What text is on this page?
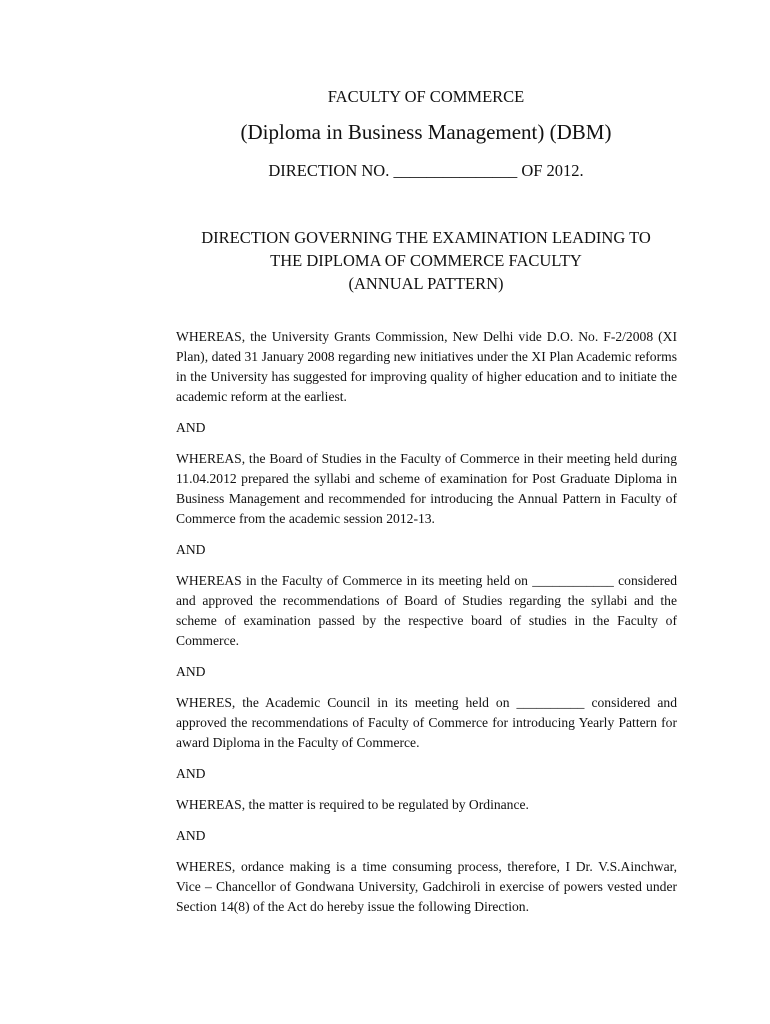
FACULTY OF COMMERCE
(Diploma in Business Management) (DBM)
DIRECTION NO. _______________ OF 2012.
DIRECTION GOVERNING THE EXAMINATION LEADING TO
THE DIPLOMA OF COMMERCE FACULTY
(ANNUAL PATTERN)

WHEREAS, the University Grants Commission, New Delhi vide D.O. No. F-2/2008 (XI Plan), dated 31 January 2008 regarding new initiatives under the XI Plan Academic reforms in the University has suggested for improving quality of higher education and to initiate the academic reform at the earliest.

AND

WHEREAS, the Board of Studies in the Faculty of Commerce in their meeting held during 11.04.2012 prepared the syllabi and scheme of examination for Post Graduate Diploma in Business Management and recommended for introducing the Annual Pattern in Faculty of Commerce from the academic session 2012-13.

AND

WHEREAS in the Faculty of Commerce in its meeting held on ____________ considered and approved the recommendations of Board of Studies regarding the syllabi and the scheme of examination passed by the respective board of studies in the Faculty of Commerce.

AND

WHERES, the Academic Council in its meeting held on __________ considered and approved the recommendations of Faculty of Commerce for introducing Yearly Pattern for award Diploma in the Faculty of Commerce.

AND

WHEREAS, the matter is required to be regulated by Ordinance.

AND

WHERES, ordance making is a time consuming process, therefore, I Dr. V.S.Ainchwar, Vice – Chancellor of Gondwana University, Gadchiroli in exercise of powers vested under Section 14(8) of the Act do hereby issue the following Direction.
